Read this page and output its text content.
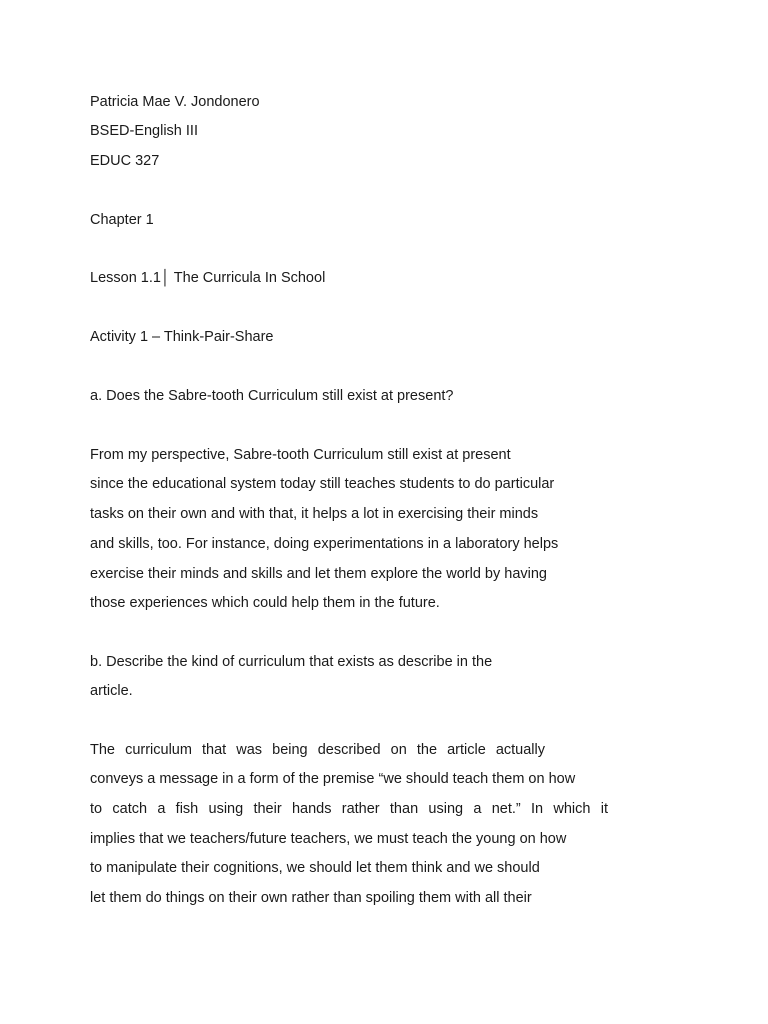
Patricia Mae V. Jondonero
BSED-English III
EDUC 327
Chapter 1
Lesson 1.1│ The Curricula In School
Activity 1 – Think-Pair-Share
a. Does the Sabre-tooth Curriculum still exist at present?
From my perspective, Sabre-tooth Curriculum still exist at present
since the educational system today still teaches students to do particular
tasks on their own and with that, it helps a lot in exercising their minds
and skills, too. For instance, doing experimentations in a laboratory helps
exercise their minds and skills and let them explore the world by having
those experiences which could help them in the future.
b. Describe the kind of curriculum that exists as describe in the
article.
The curriculum that was being described on the article actually
conveys a message in a form of the premise “we should teach them on how
to catch a fish using their hands rather than using a net.” In which it
implies that we teachers/future teachers, we must teach the young on how
to manipulate their cognitions, we should let them think and we should
let them do things on their own rather than spoiling them with all their
